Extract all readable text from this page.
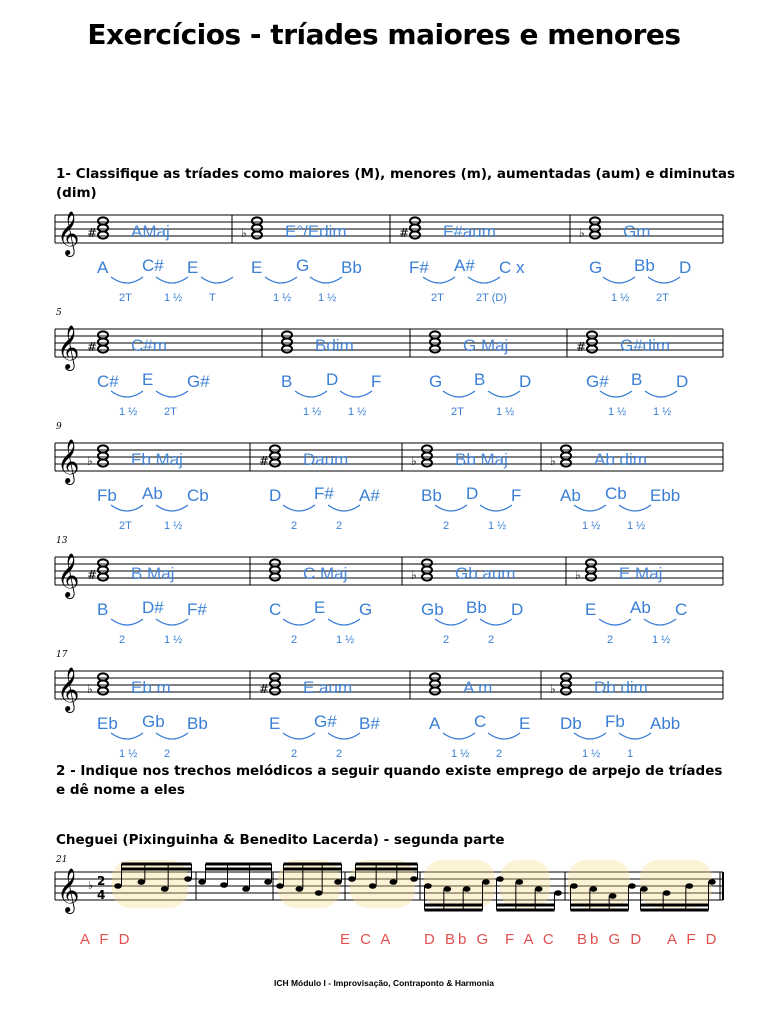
Exercícios - tríades maiores e menores
1- Classifique as tríades como maiores (M), menores (m), aumentadas (aum) e diminutas (dim)
2 - Indique nos trechos melódicos a seguir quando existe emprego de arpejo de tríades e dê nome a eles
Cheguei (Pixinguinha & Benedito Lacerda) - segunda parte
ICH Módulo I - Improvisação, Contraponto & Harmonia
𝄞 # AMaj
A C# E
2T	1 ½ T
♭ E°/Edim
E G Bb
1 ½ 1 ½
# F#aum
F# A# C x
2T	2T (D)
♭ Gm
G Bb D
1 ½ 2T
𝄞
5
# C#m
C# E G#
1 ½ 2T
Bdim
B D F
1 ½ 1 ½
G Maj
G B D
2T	1 ½
# G#dim
G# B D
1 ½ 1 ½
𝄞
9
♭ Fb Maj
Fb Ab Cb
2T	1 ½
# Daum
D F# A#
2	2
♭ Bb Maj
Bb D F
2	1 ½
♭ Ab dim
Ab Cb Ebb
1 ½ 1 ½
𝄞
13
# B Maj
B D# F#
2	1 ½
C Maj
C E G
2	1 ½
♭ Gb aum
Gb Bb D
2	2
♭ E Maj
E Ab C
2	1 ½
𝄞
17
♭ Eb m
Eb Gb Bb
1 ½ 2
# E aum
E G# B#
2	2
A m
A C E
1 ½ 2
♭ Db dim
Db Fb Abb
1 ½ 1
𝄞
21
♭ 2
4
A F D	E C A D Bb G F A C Bb G D A F D
